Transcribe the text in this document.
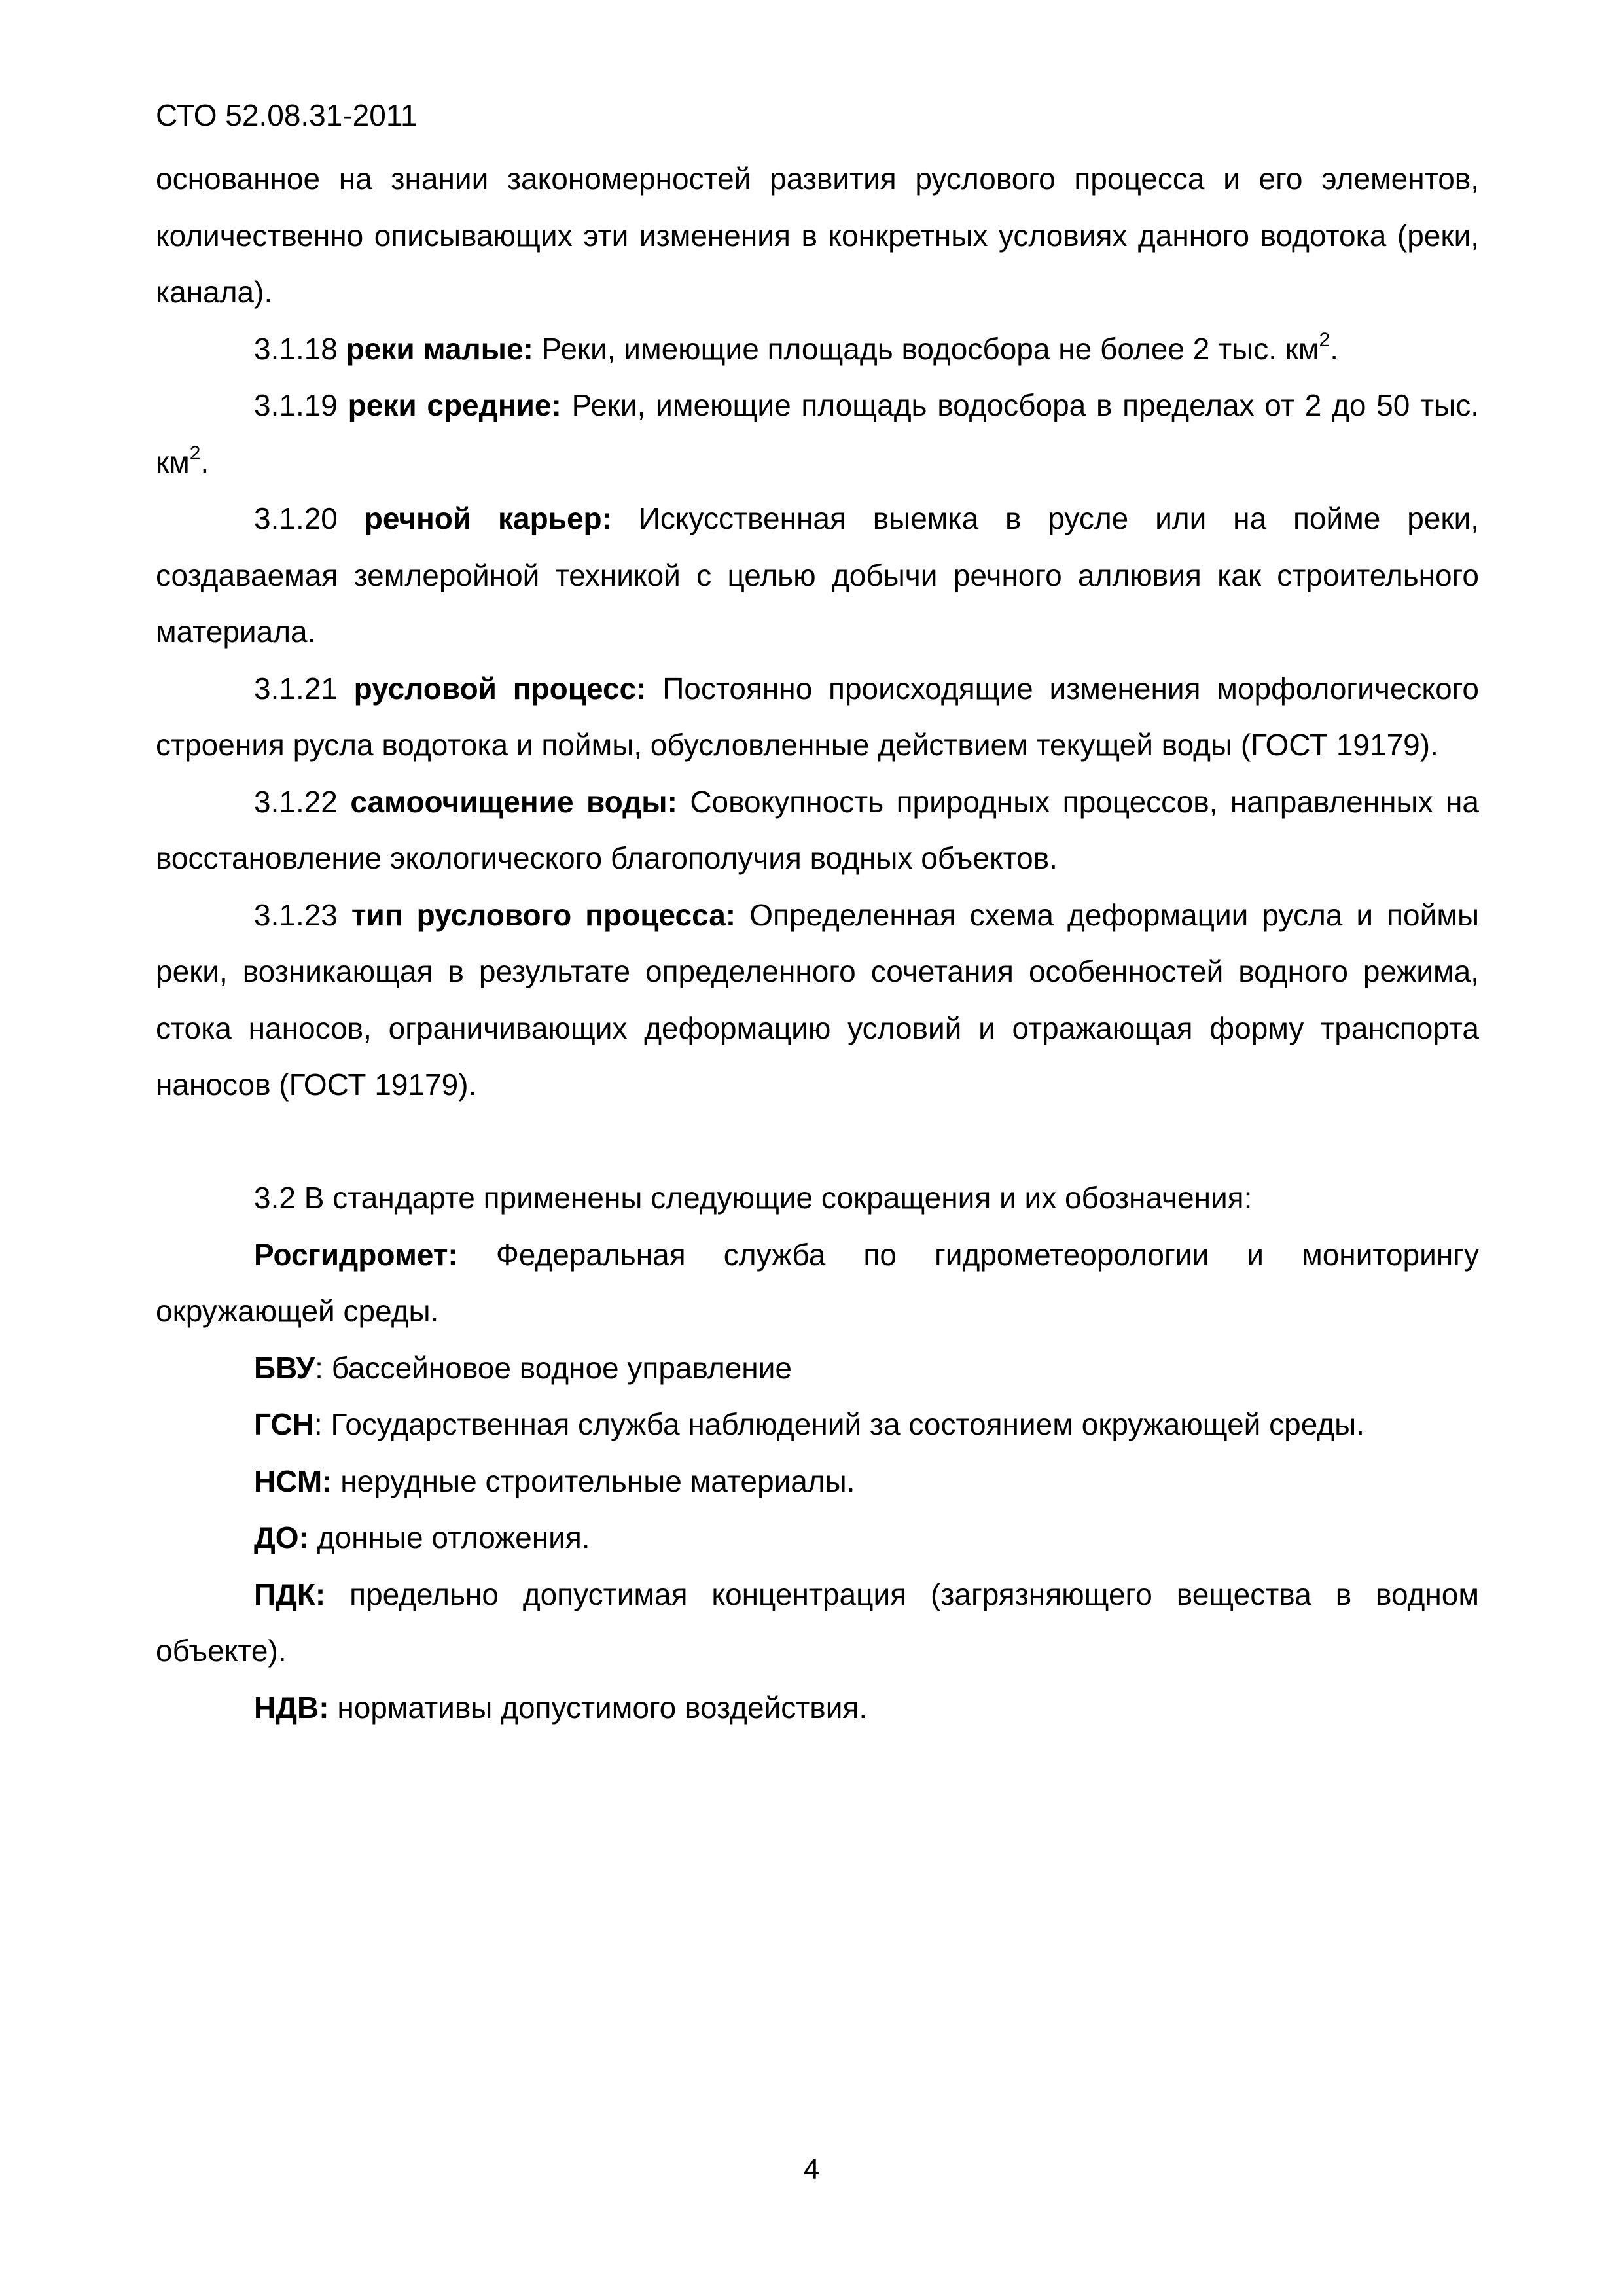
СТО 52.08.31-2011

основанное на знании закономерностей развития руслового процесса и его элементов, количественно описывающих эти изменения в конкретных условиях данного водотока (реки, канала).

3.1.18 реки малые: Реки, имеющие площадь водосбора не более 2 тыс. $км^2$.

3.1.19 реки средние: Реки, имеющие площадь водосбора в пределах от 2 до 50 тыс. $км^2$.

3.1.20 речной карьер: Искусственная выемка в русле или на пойме реки, создаваемая землеройной техникой с целью добычи речного аллювия как строительного материала.

3.1.21 русловой процесс: Постоянно происходящие изменения морфологического строения русла водотока и поймы, обусловленные действием текущей воды (ГОСТ 19179).

3.1.22 самоочищение воды: Совокупность природных процессов, направленных на восстановление экологического благополучия водных объектов.

3.1.23 тип руслового процесса: Определенная схема деформации русла и поймы реки, возникающая в результате определенного сочетания особенностей водного режима, стока наносов, ограничивающих деформацию условий и отражающая форму транспорта наносов (ГОСТ 19179).

3.2 В стандарте применены следующие сокращения и их обозначения:

Росгидромет: Федеральная служба по гидрометеорологии и мониторингу окружающей среды.

БВУ: бассейновое водное управление

ГСН: Государственная служба наблюдений за состоянием окружающей среды.

НСМ: нерудные строительные материалы.

ДО: донные отложения.

ПДК: предельно допустимая концентрация (загрязняющего вещества в водном объекте).

НДВ: нормативы допустимого воздействия.

4
